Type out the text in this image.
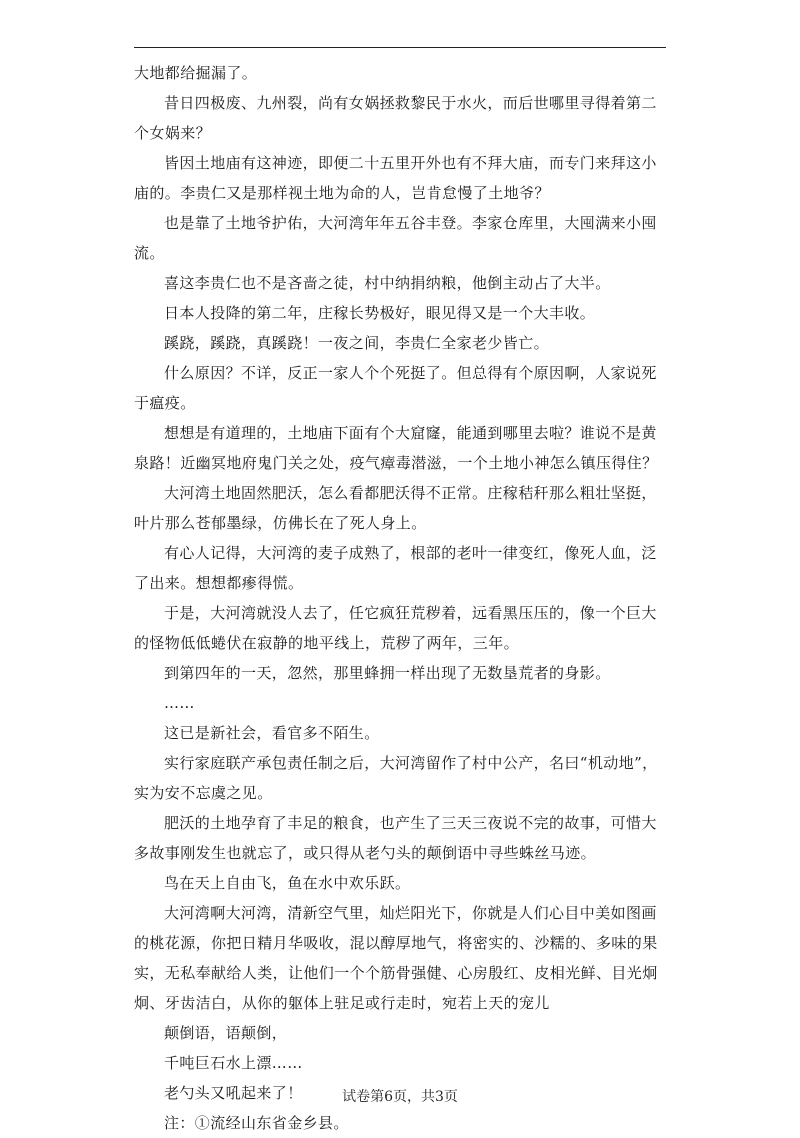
大地都给掘漏了。

昔日四极废、九州裂，尚有女娲拯救黎民于水火，而后世哪里寻得着第二个女娲来？

皆因土地庙有这神迹，即便二十五里开外也有不拜大庙，而专门来拜这小庙的。李贵仁又是那样视土地为命的人，岂肯怠慢了土地爷？

也是靠了土地爷护佑，大河湾年年五谷丰登。李家仓库里，大囤满来小囤流。

喜这李贵仁也不是吝啬之徒，村中纳捐纳粮，他倒主动占了大半。

日本人投降的第二年，庄稼长势极好，眼见得又是一个大丰收。

蹊跷，蹊跷，真蹊跷！一夜之间，李贵仁全家老少皆亡。

什么原因？不详，反正一家人个个死挺了。但总得有个原因啊，人家说死于瘟疫。

想想是有道理的，土地庙下面有个大窟窿，能通到哪里去啦？谁说不是黄泉路！近幽冥地府鬼门关之处，疫气瘴毒潜滋，一个土地小神怎么镇压得住？

大河湾土地固然肥沃，怎么看都肥沃得不正常。庄稼秸秆那么粗壮坚挺，叶片那么苍郁墨绿，仿佛长在了死人身上。

有心人记得，大河湾的麦子成熟了，根部的老叶一律变红，像死人血，泛了出来。想想都瘆得慌。

于是，大河湾就没人去了，任它疯狂荒秽着，远看黑压压的，像一个巨大的怪物低低蜷伏在寂静的地平线上，荒秽了两年，三年。

到第四年的一天，忽然，那里蜂拥一样出现了无数垦荒者的身影。

……

这已是新社会，看官多不陌生。

实行家庭联产承包责任制之后，大河湾留作了村中公产，名曰“机动地”，实为安不忘虞之见。

肥沃的土地孕育了丰足的粮食，也产生了三天三夜说不完的故事，可惜大多故事刚发生也就忘了，或只得从老勺头的颠倒语中寻些蛛丝马迹。

鸟在天上自由飞，鱼在水中欢乐跃。

大河湾啊大河湾，清新空气里，灿烂阳光下，你就是人们心目中美如图画的桃花源，你把日精月华吸收，混以醇厚地气，将密实的、沙糯的、多味的果实，无私奉献给人类，让他们一个个筋骨强健、心房殷红、皮相光鲜、目光炯炯、牙齿洁白，从你的躯体上驻足或行走时，宛若上天的宠儿

颠倒语，语颠倒，

千吨巨石水上漂……

老勺头又吼起来了！

注：①流经山东省金乡县。

试卷第6页，共3页
